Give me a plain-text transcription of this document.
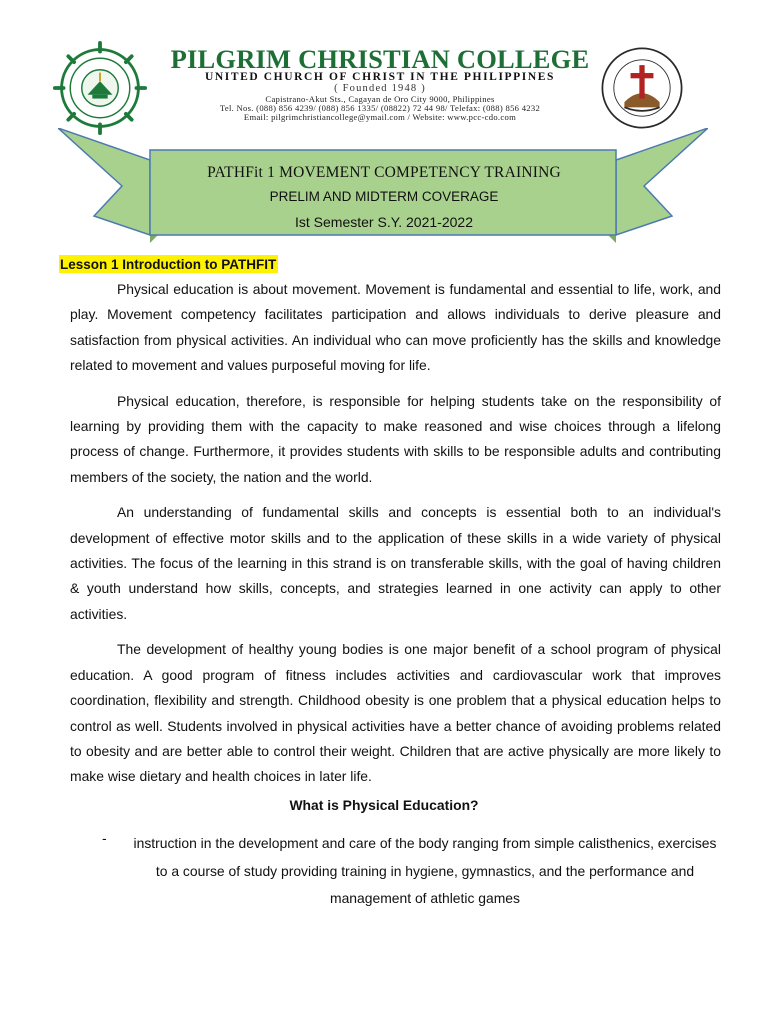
PILGRIM CHRISTIAN COLLEGE
UNITED CHURCH OF CHRIST IN THE PHILIPPINES
( Founded 1948 )
Capistrano-Akut Sts., Cagayan de Oro City 9000, Philippines
Tel. Nos. (088) 856 4239/ (088) 856 1335/ (08822) 72 44 98/ Telefax: (088) 856 4232
Email: pilgrimchristiancollege@ymail.com / Website: www.pcc-cdo.com
PATHFit 1 MOVEMENT COMPETENCY TRAINING
PRELIM AND MIDTERM COVERAGE
Ist Semester S.Y. 2021-2022
Lesson 1 Introduction to PATHFIT

Physical education is about movement. Movement is fundamental and essential to life, work, and play. Movement competency facilitates participation and allows individuals to derive pleasure and satisfaction from physical activities. An individual who can move proficiently has the skills and knowledge related to movement and values purposeful moving for life.

Physical education, therefore, is responsible for helping students take on the responsibility of learning by providing them with the capacity to make reasoned and wise choices through a lifelong process of change. Furthermore, it provides students with skills to be responsible adults and contributing members of the society, the nation and the world.

An understanding of fundamental skills and concepts is essential both to an individual's development of effective motor skills and to the application of these skills in a wide variety of physical activities. The focus of the learning in this strand is on transferable skills, with the goal of having children & youth understand how skills, concepts, and strategies learned in one activity can apply to other activities.

The development of healthy young bodies is one major benefit of a school program of physical education. A good program of fitness includes activities and cardiovascular work that improves coordination, flexibility and strength. Childhood obesity is one problem that a physical education helps to control as well. Students involved in physical activities have a better chance of avoiding problems related to obesity and are better able to control their weight. Children that are active physically are more likely to make wise dietary and health choices in later life.

What is Physical Education?
- instruction in the development and care of the body ranging from simple calisthenics, exercises to a course of study providing training in hygiene, gymnastics, and the performance and management of athletic games
